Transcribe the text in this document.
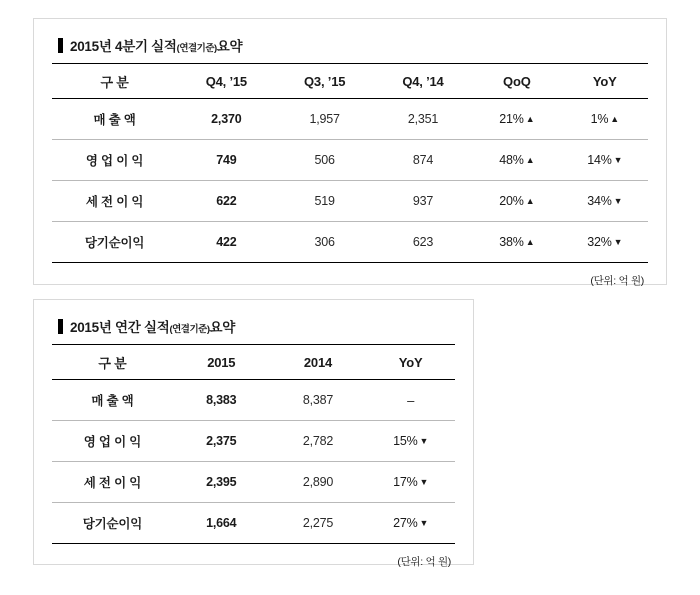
2015년 4분기 실적 (연결기준) 요약
구 분	Q4, ’15	Q3, ’15	Q4, ’14	QoQ	YoY
매 출 액	2,370	1,957	2,351	21% ▲	1% ▲
영 업 이 익	749	506	874	48% ▲	14% ▼
세 전 이 익	622	519	937	20% ▲	34% ▼
당기순이익	422	306	623	38% ▲	32% ▼
(단위: 억 원)
2015년 연간 실적 (연결기준) 요약
구 분	2015	2014	YoY
매 출 액	8,383	8,387	–
영 업 이 익	2,375	2,782	15% ▼
세 전 이 익	2,395	2,890	17% ▼
당기순이익	1,664	2,275	27% ▼
(단위: 억 원)
